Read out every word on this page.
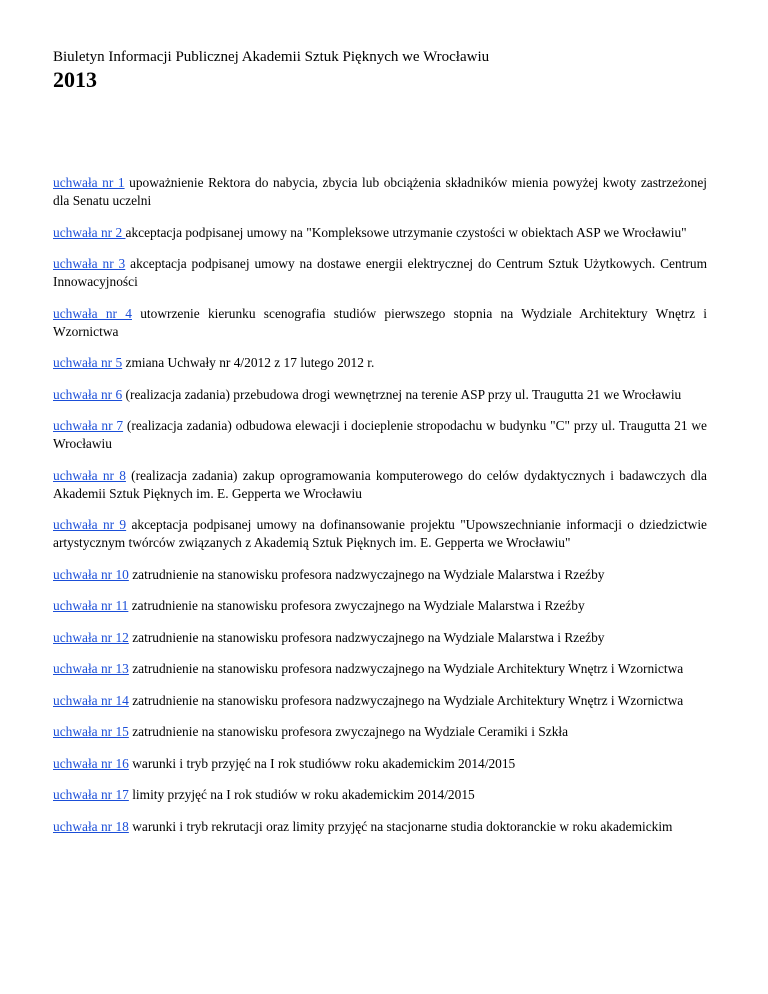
Biuletyn Informacji Publicznej Akademii Sztuk Pięknych we Wrocławiu

2013

uchwała nr 1 upoważnienie Rektora do nabycia, zbycia lub obciążenia składników mienia powyżej kwoty zastrzeżonej dla Senatu uczelni
uchwała nr 2 akceptacja podpisanej umowy na "Kompleksowe utrzymanie czystości w obiektach ASP we Wrocławiu"
uchwała nr 3 akceptacja podpisanej umowy na dostawe energii elektrycznej do Centrum Sztuk Użytkowych. Centrum Innowacyjności
uchwała nr 4 utowrzenie kierunku scenografia studiów pierwszego stopnia na Wydziale Architektury Wnętrz i Wzornictwa
uchwała nr 5 zmiana Uchwały nr 4/2012 z 17 lutego 2012 r.
uchwała nr 6 (realizacja zadania) przebudowa drogi wewnętrznej na terenie ASP przy ul. Traugutta 21 we Wrocławiu
uchwała nr 7 (realizacja zadania) odbudowa elewacji i docieplenie stropodachu w budynku "C" przy ul. Traugutta 21 we Wrocławiu
uchwała nr 8 (realizacja zadania) zakup oprogramowania komputerowego do celów dydaktycznych i badawczych dla Akademii Sztuk Pięknych im. E. Gepperta we Wrocławiu
uchwała nr 9 akceptacja podpisanej umowy na dofinansowanie projektu "Upowszechnianie informacji o dziedzictwie artystycznym twórców związanych z Akademią Sztuk Pięknych im. E. Gepperta we Wrocławiu"
uchwała nr 10 zatrudnienie na stanowisku profesora nadzwyczajnego na Wydziale Malarstwa i Rzeźby
uchwała nr 11 zatrudnienie na stanowisku profesora zwyczajnego na Wydziale Malarstwa i Rzeźby
uchwała nr 12 zatrudnienie na stanowisku profesora nadzwyczajnego na Wydziale Malarstwa i Rzeźby
uchwała nr 13 zatrudnienie na stanowisku profesora nadzwyczajnego na Wydziale Architektury Wnętrz i Wzornictwa
uchwała nr 14 zatrudnienie na stanowisku profesora nadzwyczajnego na Wydziale Architektury Wnętrz i Wzornictwa
uchwała nr 15 zatrudnienie na stanowisku profesora zwyczajnego na Wydziale Ceramiki i Szkła
uchwała nr 16 warunki i tryb przyjęć na I rok studióww roku akademickim 2014/2015
uchwała nr 17 limity przyjęć na I rok studiów w roku akademickim 2014/2015
uchwała nr 18 warunki i tryb rekrutacji oraz limity przyjęć na stacjonarne studia doktoranckie w roku akademickim
